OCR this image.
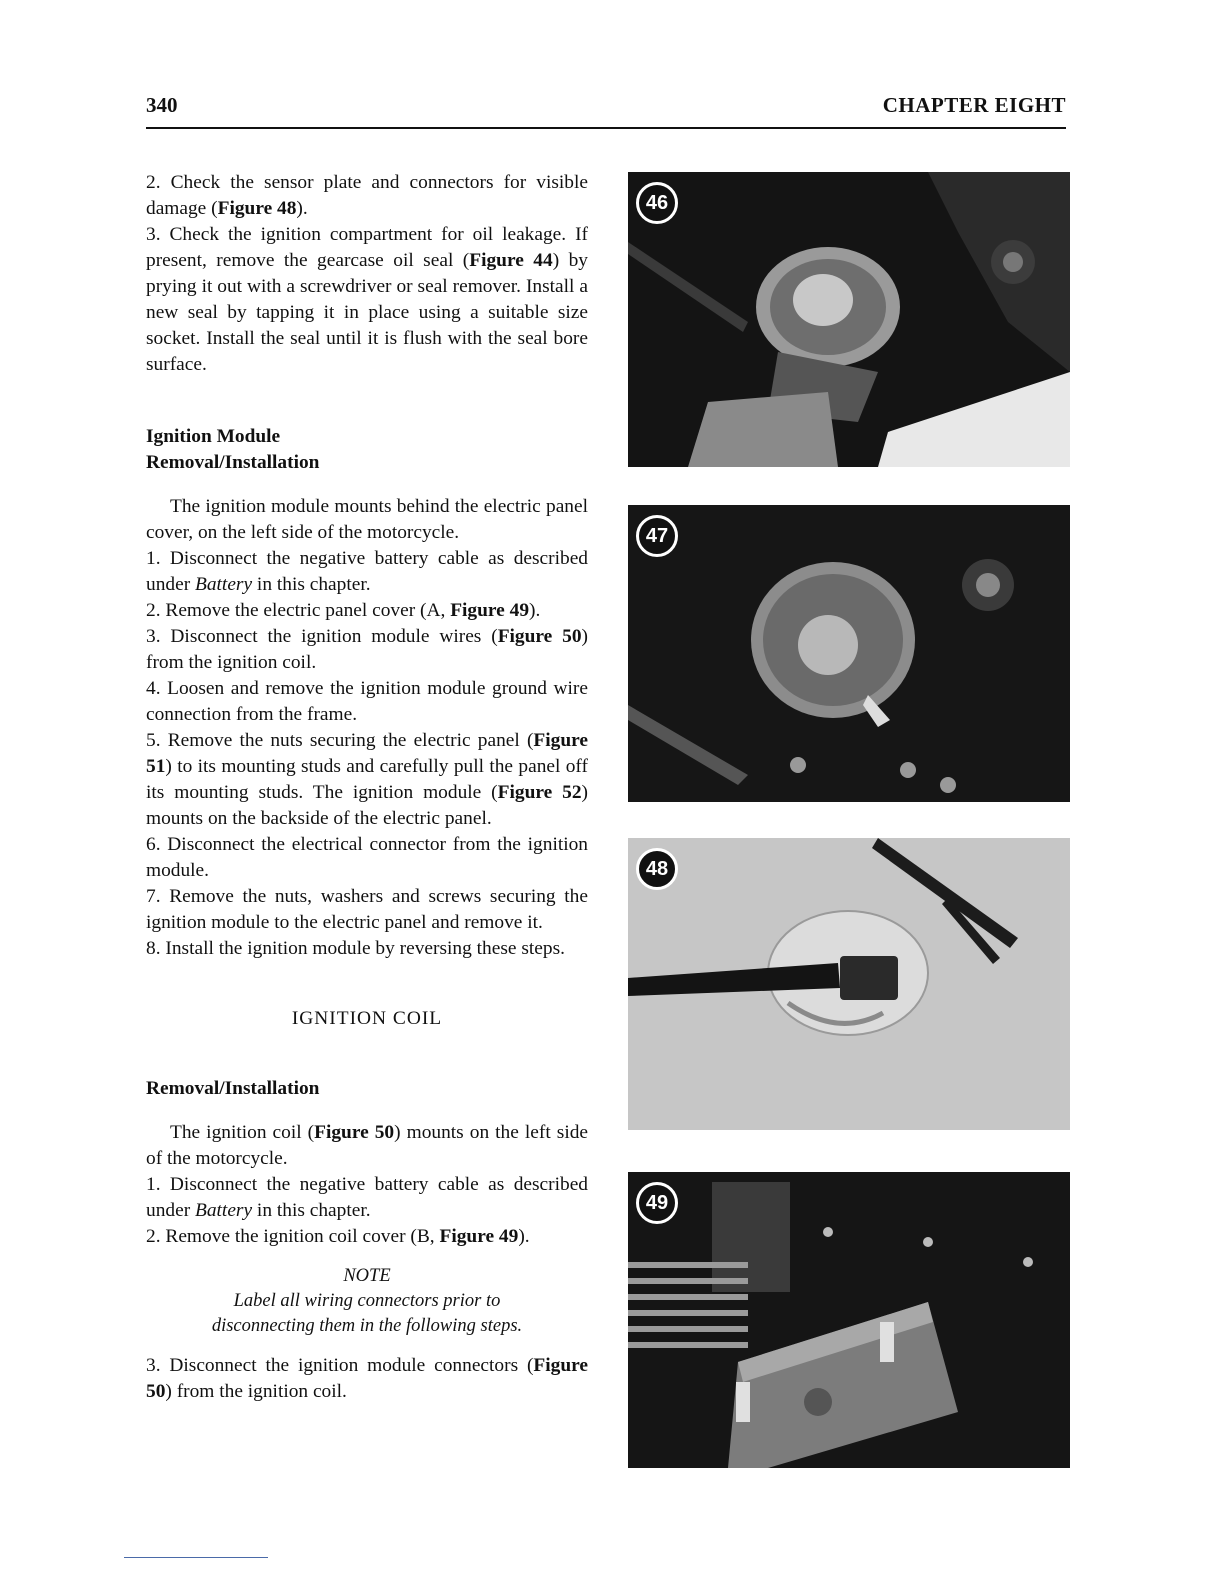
340	CHAPTER EIGHT

2. Check the sensor plate and connectors for visible damage (Figure 48).

3. Check the ignition compartment for oil leakage. If present, remove the gearcase oil seal (Figure 44) by prying it out with a screwdriver or seal remover. Install a new seal by tapping it in place using a suitable size socket. Install the seal until it is flush with the seal bore surface.

Ignition Module
Removal/Installation

The ignition module mounts behind the electric panel cover, on the left side of the motorcycle.

1. Disconnect the negative battery cable as described under Battery in this chapter.

2. Remove the electric panel cover (A, Figure 49).

3. Disconnect the ignition module wires (Figure 50) from the ignition coil.

4. Loosen and remove the ignition module ground wire connection from the frame.

5. Remove the nuts securing the electric panel (Figure 51) to its mounting studs and carefully pull the panel off its mounting studs. The ignition module (Figure 52) mounts on the backside of the electric panel.

6. Disconnect the electrical connector from the ignition module.

7. Remove the nuts, washers and screws securing the ignition module to the electric panel and remove it.

8. Install the ignition module by reversing these steps.

IGNITION COIL
Removal/Installation

The ignition coil (Figure 50) mounts on the left side of the motorcycle.

1. Disconnect the negative battery cable as described under Battery in this chapter.

2. Remove the ignition coil cover (B, Figure 49).

NOTE
Label all wiring connectors prior to disconnecting them in the following steps.

3. Disconnect the ignition module connectors (Figure 50) from the ignition coil.

46
47
48
49
